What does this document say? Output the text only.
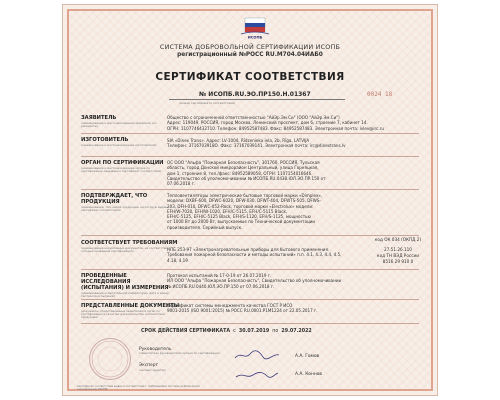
ИСОПБ
СИСТЕМА ДОБРОВОЛЬНОЙ СЕРТИФИКАЦИИ ИСОПБ
регистрационный №РОСС RU.М704.04ИАБ0
СЕРТИФИКАТ СООТВЕТСТВИЯ
№ ИСОПБ.RU.ЭО.ПР150.Н.01367
(номер сертификата соответствия)
0024 18
ЗАЯВИТЕЛЬ
(наименование и местонахождение заявителя, его реквизиты)
Общество с ограниченной ответственностью "АйЭр.Эм.Си" (ООО "АйЭр.Эм.Си")
Адрес: 119049, РОССИЯ, город Москва, Ленинский проспект, дом 6, строение 7, кабинет 14.
ОГРН: 1107746432710. Телефон: 84952587483. Факс: 84952587483. Электронная почта: ivlev@irc.ru
ИЗГОТОВИТЕЛЬ
(наименование и местонахождение изготовителя)
SIA «Dinex Trans». Адрес: LV-1004, Rīdzenieku iela, 2b, Rīga, LATVIJA
Телефон: 3716703918О. Факс: 37167039141. Электронная почта: irc@dinextrans.lv
ОРГАН ПО СЕРТИФИКАЦИИ
(наименование и местонахождение органа по сертификации, выдавшего сертификат соответствия)
ОС ООО "Альфа "Пожарная Безопасность", 301760, РОССИЯ, Тульская
область, город Донской микрорайон Центральный, улица Горняцкая,
дом 1, строение 8, тел./факс: 84952589058, ОГРН: 1107154016646.
Свидетельство об уполномочивании № ИСОПБ.RU.0438.ЮЛ.ЭО.ПР.150 от
07.06.2018 г.
ПОДТВЕРЖДАЕТ, ЧТО
ПРОДУКЦИЯ
(наименование, тип, марка продукции, на которую выдан сертификат соответствия)
Тепловентиляторы электрические бытовые торговой марки «Dimplex»,
модели: DXBF-600, DFWC-6020, DFW-030, DFWT-404, DFWTS-505, DFWS-
203, DFH-010, DFWC-052-Rock, торговой марки «Electrolux» модели:
EFH/W-7020, EFH/W-1020, EFH/C-5115, EFH/C-5115 Black,
EFH/C-5125, EFH/C-5125 Black, EFH/S-1120, EFH/S-1125, мощностью
от 1000 Вт до 2000 Вт, выпускаемые по Технической документации
производителя. Серийный выпуск.
код ОК 034 (ОКПД 2)
СООТВЕТСТВУЕТ ТРЕБОВАНИЯМ
(наименование нормативных документов, на соответствие которых проведена сертификация)	НПБ 253-97 «Электронагревательные приборы для бытового применения.
Требования пожарной безопасности и методы испытаний» п.п. 4.1, 4.3, 4.4, 4.5, 4.18, 4.19
27.51.26.110
код ТН ВЭД России
8516 29 910 0
ПРОВЕДЕННЫЕ
ИССЛЕДОВАНИЯ
(ИСПЫТАНИЯ) И ИЗМЕРЕНИЯ
(наименование испытательной лаборатории, дата и номер протокола испытаний)
Протокол испытаний № 17-0-19 от 26.07.2019 г.
ИЛ ООО "Альфа "Пожарная Безопасность", Свидетельство об уполномочивании
№ ИСОПБ.RU.0440.ЮЛ.ЭО.ПР.150 от 07.06.2018 г.
ПРЕДСТАВЛЕННЫЕ ДОКУМЕНТЫ
(документы, представленные заявителем в орган по сертификации в качестве доказательства соответствия продукции)
Сертификат системы менеджмента качества ГОСТ Р ИСО
9001-2015 (ISO 9001:2015) № РОСС RU.0001.Р1М1224 от 22.05.2017 г.
СРОК ДЕЙСТВИЯ СЕРТИФИКАТА с 30.07.2019 по 29.07.2022
Руководитель
(заместитель руководителя) органа по сертификации
Эксперт
(эксперт-аудитор)
А.А. Гомов
А.А. Коннов
Сертификат соответствия выдан в соответствии с требованиями системы добровольной сертификации ИСОПБ
